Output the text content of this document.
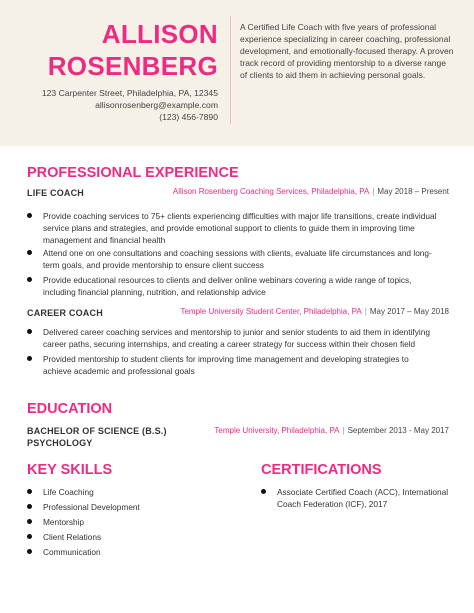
ALLISON
ROSENBERG
123 Carpenter Street, Philadelphia, PA, 12345
allisonrosenberg@example.com
(123) 456-7890
A Certified Life Coach with five years of professional experience specializing in career coaching, professional development, and emotionally-focused therapy. A proven track record of providing mentorship to a diverse range of clients to aid them in achieving personal goals.
PROFESSIONAL EXPERIENCE
LIFE COACH	Allison Rosenberg Coaching Services, Philadelphia, PA | May 2018 – Present
Provide coaching services to 75+ clients experiencing difficulties with major life transitions, create individual service plans and strategies, and provide emotional support to clients to guide them in improving time management and financial health
Attend one on one consultations and coaching sessions with clients, evaluate life circumstances and long-term goals, and provide mentorship to ensure client success
Provide educational resources to clients and deliver online webinars covering a wide range of topics, including financial planning, nutrition, and relationship advice
CAREER COACH	Temple University Student Center, Philadelphia, PA | May 2017 – May 2018
Delivered career coaching services and mentorship to junior and senior students to aid them in identifying career paths, securing internships, and creating a career strategy for success within their chosen field
Provided mentorship to student clients for improving time management and developing strategies to achieve academic and professional goals
EDUCATION
BACHELOR OF SCIENCE (B.S.)
PSYCHOLOGY
Temple University, Philadelphia, PA | September 2013 - May 2017
KEY SKILLS
Life Coaching
Professional Development
Mentorship
Client Relations
Communication
CERTIFICATIONS
Associate Certified Coach (ACC), International Coach Federation (ICF), 2017
